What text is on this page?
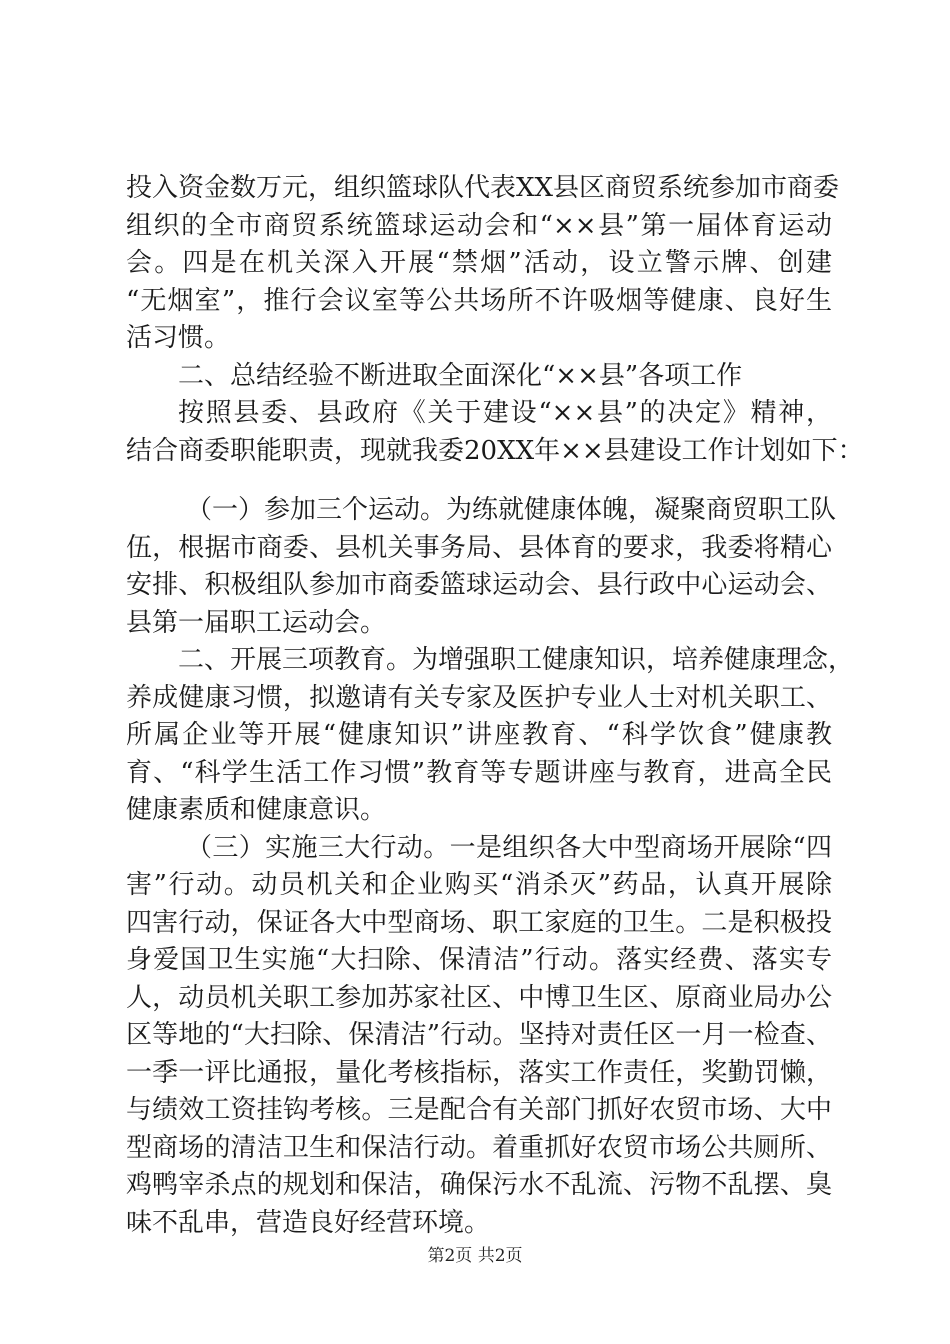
投入资金数万元，组织篮球队代表XX县区商贸系统参加市商委
组织的全市商贸系统篮球运动会和“××县”第一届体育运动
会。四是在机关深入开展“禁烟”活动，设立警示牌、创建
“无烟室”，推行会议室等公共场所不许吸烟等健康、良好生
活习惯。
二、总结经验不断进取全面深化“××县”各项工作
按照县委、县政府《关于建设“××县”的决定》精神，
结合商委职能职责，现就我委20XX年××县建设工作计划如下：
（一）参加三个运动。为练就健康体魄，凝聚商贸职工队
伍，根据市商委、县机关事务局、县体育的要求，我委将精心
安排、积极组队参加市商委篮球运动会、县行政中心运动会、
县第一届职工运动会。
二、开展三项教育。为增强职工健康知识，培养健康理念，
养成健康习惯，拟邀请有关专家及医护专业人士对机关职工、
所属企业等开展“健康知识”讲座教育、“科学饮食”健康教
育、“科学生活工作习惯”教育等专题讲座与教育，进高全民
健康素质和健康意识。
（三）实施三大行动。一是组织各大中型商场开展除“四
害”行动。动员机关和企业购买“消杀灭”药品，认真开展除
四害行动，保证各大中型商场、职工家庭的卫生。二是积极投
身爱国卫生实施“大扫除、保清洁”行动。落实经费、落实专
人，动员机关职工参加苏家社区、中博卫生区、原商业局办公
区等地的“大扫除、保清洁”行动。坚持对责任区一月一检查、
一季一评比通报，量化考核指标，落实工作责任，奖勤罚懒，
与绩效工资挂钩考核。三是配合有关部门抓好农贸市场、大中
型商场的清洁卫生和保洁行动。着重抓好农贸市场公共厕所、
鸡鸭宰杀点的规划和保洁，确保污水不乱流、污物不乱摆、臭
味不乱串，营造良好经营环境。
第2页 共2页
